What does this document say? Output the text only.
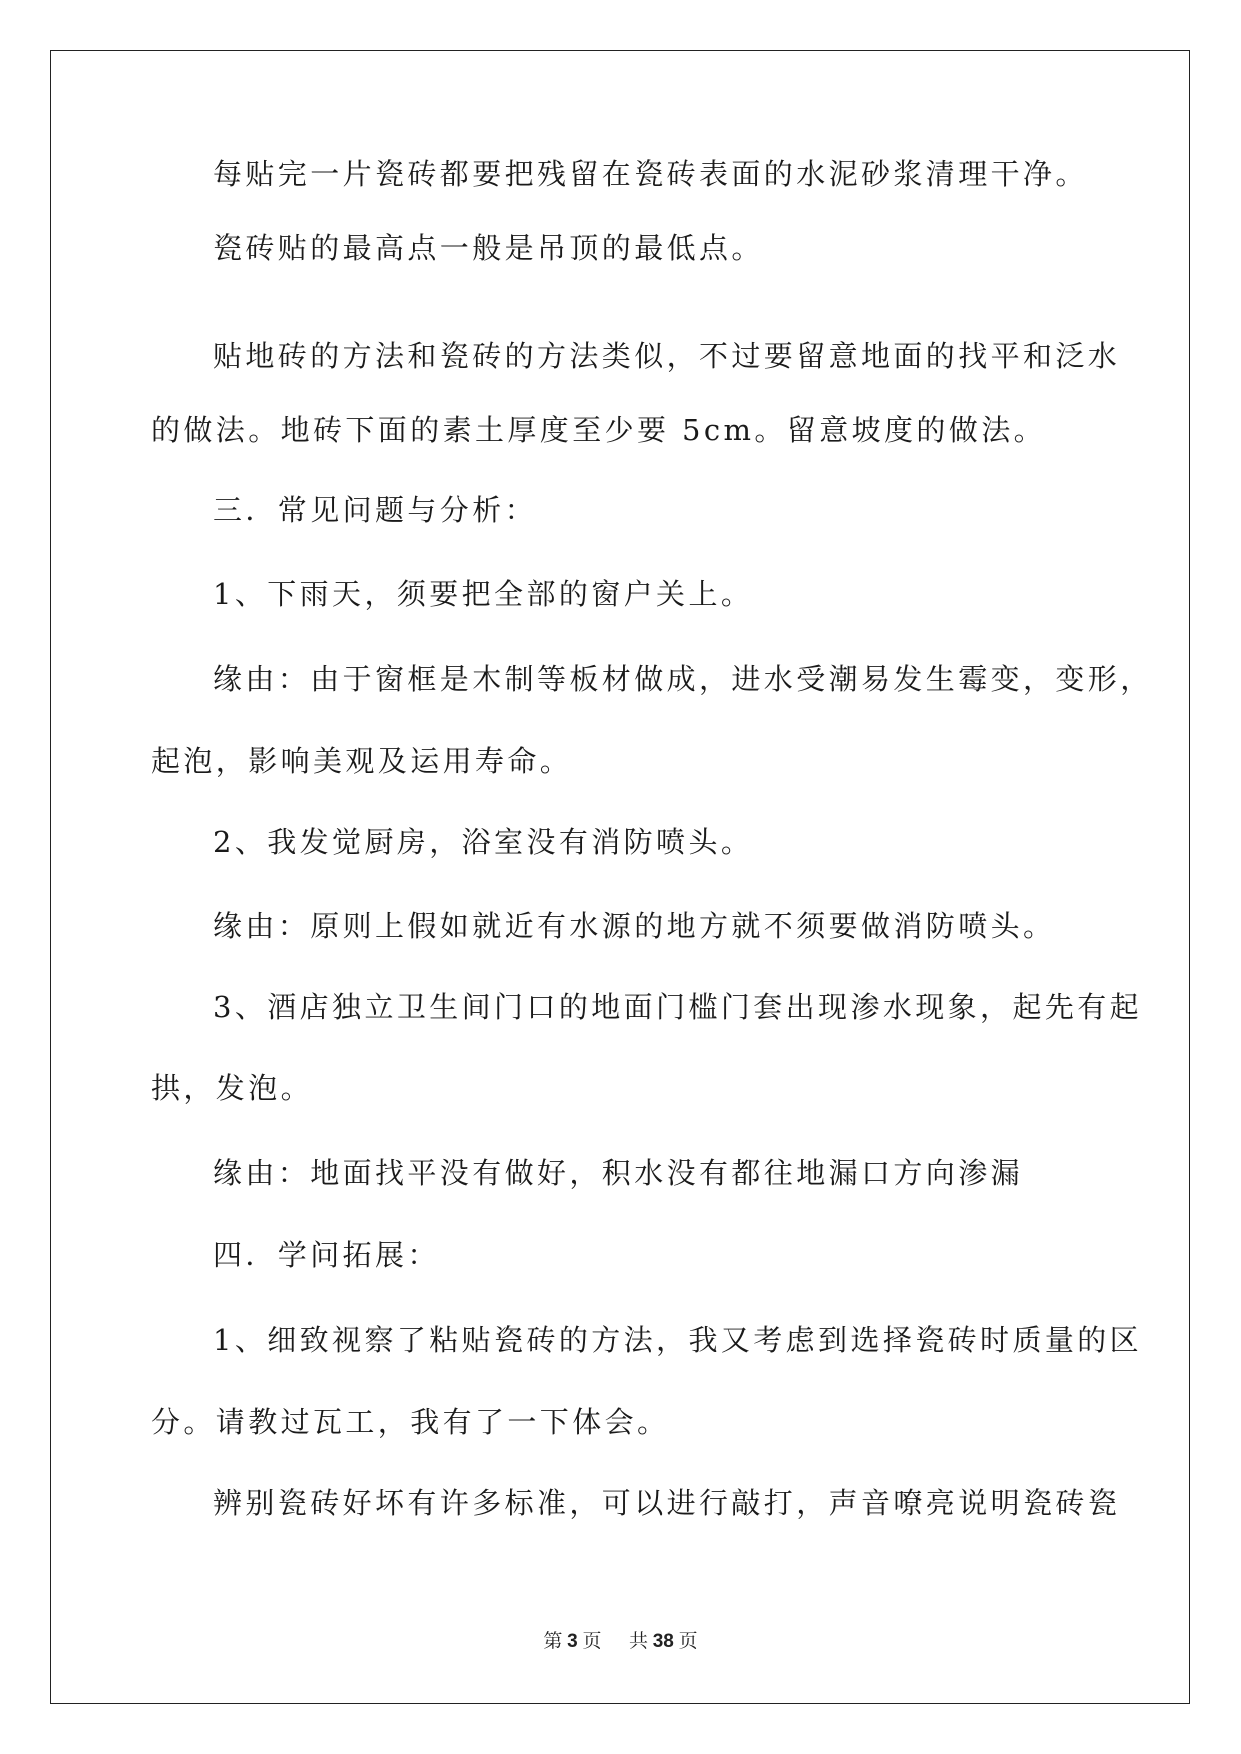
每贴完一片瓷砖都要把残留在瓷砖表面的水泥砂浆清理干净。

瓷砖贴的最高点一般是吊顶的最低点。

贴地砖的方法和瓷砖的方法类似，不过要留意地面的找平和泛水

的做法。地砖下面的素土厚度至少要 5cm。留意坡度的做法。

三．常见问题与分析：

1、下雨天，须要把全部的窗户关上。

缘由：由于窗框是木制等板材做成，进水受潮易发生霉变，变形，

起泡，影响美观及运用寿命。

2、我发觉厨房，浴室没有消防喷头。

缘由：原则上假如就近有水源的地方就不须要做消防喷头。

3、酒店独立卫生间门口的地面门槛门套出现渗水现象，起先有起

拱，发泡。

缘由：地面找平没有做好，积水没有都往地漏口方向渗漏

四．学问拓展：

1、细致视察了粘贴瓷砖的方法，我又考虑到选择瓷砖时质量的区

分。请教过瓦工，我有了一下体会。

辨别瓷砖好坏有许多标准，可以进行敲打，声音嘹亮说明瓷砖瓷

第 3 页 共 38 页
